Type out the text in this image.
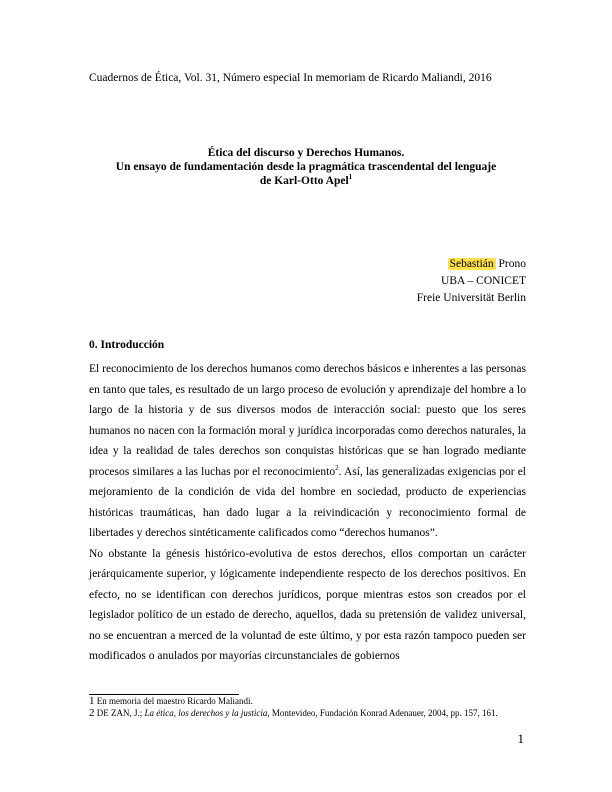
Cuadernos de Ética, Vol. 31, Número especial In memoriam de Ricardo Maliandi, 2016
Ética del discurso y Derechos Humanos.
Un ensayo de fundamentación desde la pragmática trascendental del lenguaje
de Karl-Otto Apel$^1$
Sebastián Prono
UBA – CONICET
Freie Universität Berlin
0. Introducción

El reconocimiento de los derechos humanos como derechos básicos e inherentes a las personas en tanto que tales, es resultado de un largo proceso de evolución y aprendizaje del hombre a lo largo de la historia y de sus diversos modos de interacción social: puesto que los seres humanos no nacen con la formación moral y jurídica incorporadas como derechos naturales, la idea y la realidad de tales derechos son conquistas históricas que se han logrado mediante procesos similares a las luchas por el reconocimiento$^2$. Así, las generalizadas exigencias por el mejoramiento de la condición de vida del hombre en sociedad, producto de experiencias históricas traumáticas, han dado lugar a la reivindicación y reconocimiento formal de libertades y derechos sintéticamente calificados como “derechos humanos”.

No obstante la génesis histórico-evolutiva de estos derechos, ellos comportan un carácter jerárquicamente superior, y lógicamente independiente respecto de los derechos positivos. En efecto, no se identifican con derechos jurídicos, porque mientras estos son creados por el legislador político de un estado de derecho, aquellos, dada su pretensión de validez universal, no se encuentran a merced de la voluntad de este último, y por esta razón tampoco pueden ser modificados o anulados por mayorías circunstanciales de gobiernos

1 En memoria del maestro Ricardo Maliandi.

2 DE ZAN, J.; La ética, los derechos y la justicia, Montevideo, Fundación Konrad Adenauer, 2004, pp. 157, 161.

1
